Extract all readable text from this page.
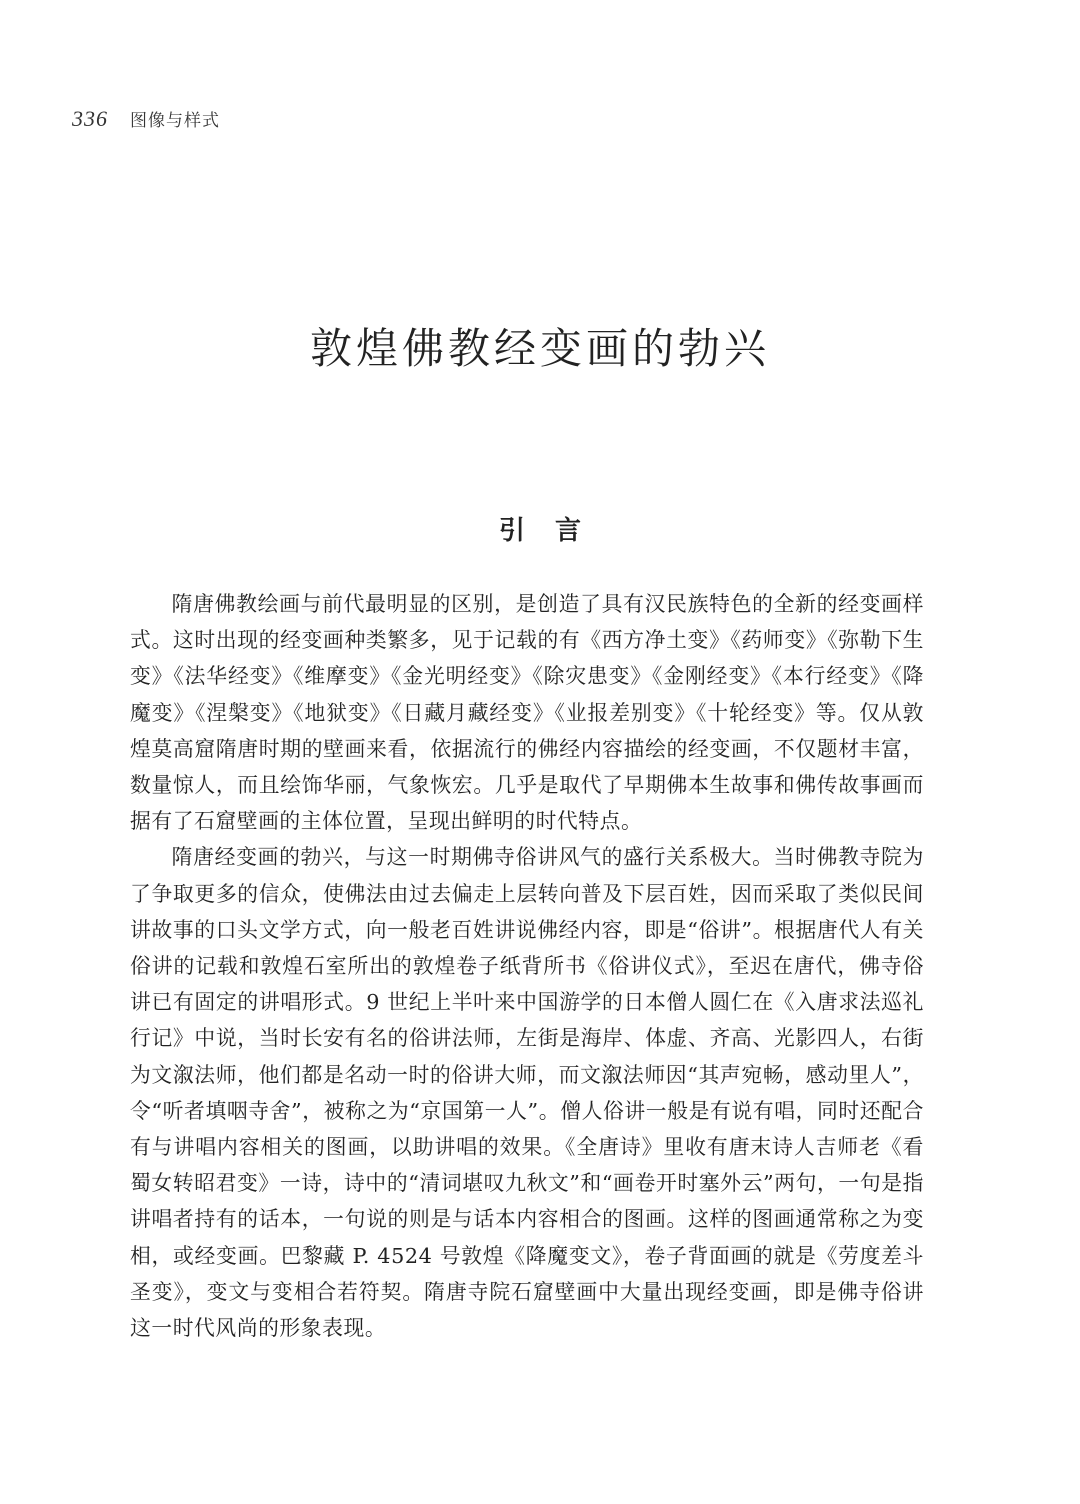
336 图像与样式
敦煌佛教经变画的勃兴
引言

隋唐佛教绘画与前代最明显的区别，是创造了具有汉民族特色的全新的经变画样式。这时出现的经变画种类繁多，见于记载的有《西方净土变》《药师变》《弥勒下生变》《法华经变》《维摩变》《金光明经变》《除灾患变》《金刚经变》《本行经变》《降魔变》《涅槃变》《地狱变》《日藏月藏经变》《业报差别变》《十轮经变》等。仅从敦煌莫高窟隋唐时期的壁画来看，依据流行的佛经内容描绘的经变画，不仅题材丰富，数量惊人，而且绘饰华丽，气象恢宏。几乎是取代了早期佛本生故事和佛传故事画而据有了石窟壁画的主体位置，呈现出鲜明的时代特点。

隋唐经变画的勃兴，与这一时期佛寺俗讲风气的盛行关系极大。当时佛教寺院为了争取更多的信众，使佛法由过去偏走上层转向普及下层百姓，因而采取了类似民间讲故事的口头文学方式，向一般老百姓讲说佛经内容，即是“俗讲”。根据唐代人有关俗讲的记载和敦煌石室所出的敦煌卷子纸背所书《俗讲仪式》，至迟在唐代，佛寺俗讲已有固定的讲唱形式。9 世纪上半叶来中国游学的日本僧人圆仁在《入唐求法巡礼行记》中说，当时长安有名的俗讲法师，左街是海岸、体虚、齐高、光影四人，右街为文溆法师，他们都是名动一时的俗讲大师，而文溆法师因“其声宛畅，感动里人”，令“听者填咽寺舍”，被称之为“京国第一人”。僧人俗讲一般是有说有唱，同时还配合有与讲唱内容相关的图画，以助讲唱的效果。《全唐诗》里收有唐末诗人吉师老《看蜀女转昭君变》一诗，诗中的“清词堪叹九秋文”和“画卷开时塞外云”两句，一句是指讲唱者持有的话本，一句说的则是与话本内容相合的图画。这样的图画通常称之为变相，或经变画。巴黎藏 P. 4524 号敦煌《降魔变文》，卷子背面画的就是《劳度差斗圣变》，变文与变相合若符契。隋唐寺院石窟壁画中大量出现经变画，即是佛寺俗讲这一时代风尚的形象表现。
